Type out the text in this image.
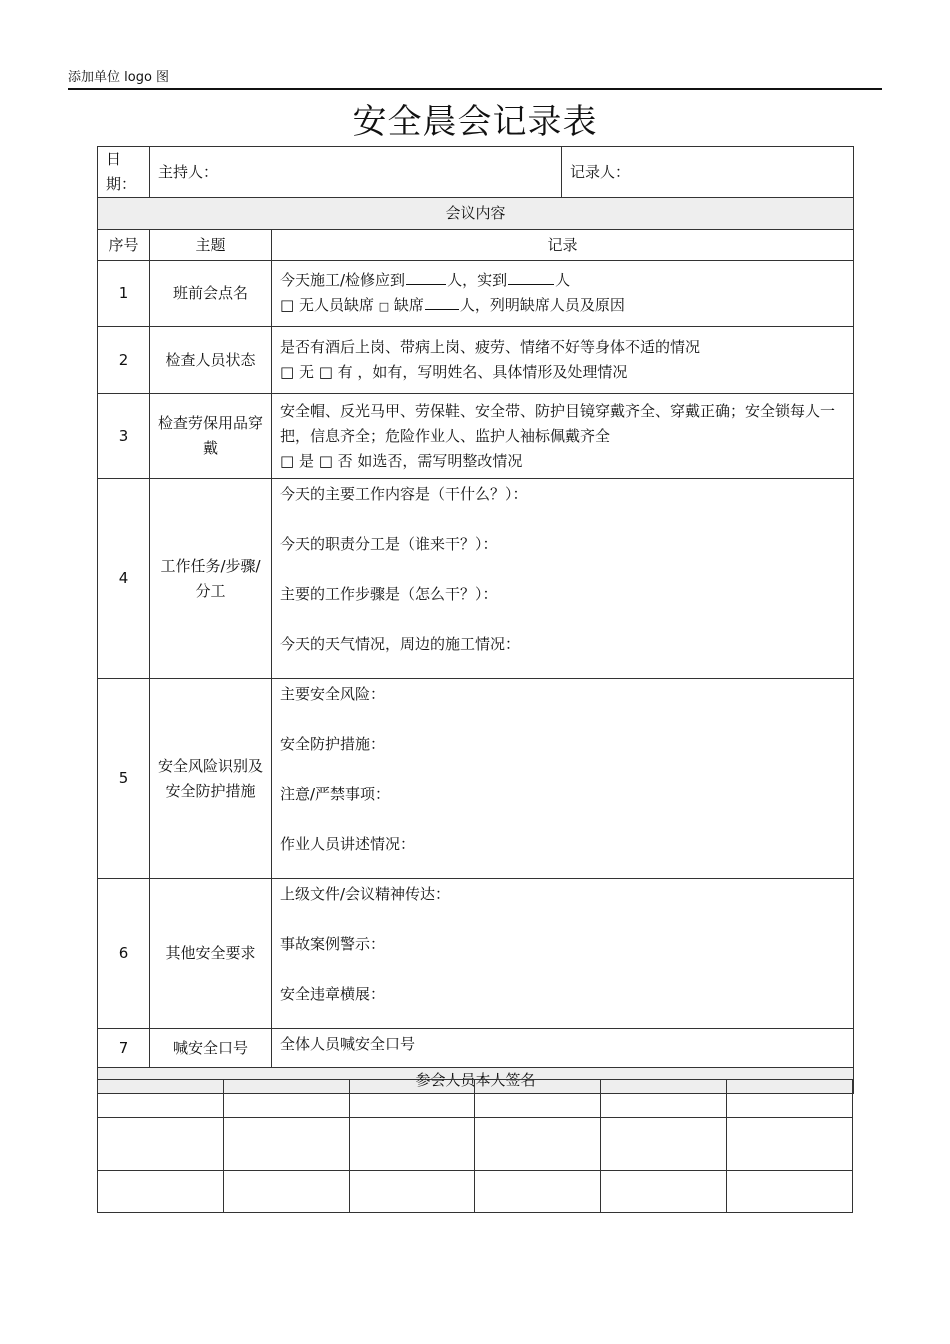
添加单位 logo 图
安全晨会记录表
日期：	主持人：		记录人：
会议内容			
序号	主题	记录	
1	班前会点名	今天施工/检修应到 人，实到 人
□ 无人员缺席 □ 缺席 人，列明缺席人员及原因	

2	检查人员状态	是否有酒后上岗、带病上岗、疲劳、情绪不好等身体不适的情况
□ 无 □ 有 ，如有，写明姓名、具体情形及处理情况	

3	检查劳保用品穿戴	安全帽、反光马甲、劳保鞋、安全带、防护目镜穿戴齐全、穿戴正确；安全锁每人一把，信息齐全；危险作业人、监护人袖标佩戴齐全
□ 是 □ 否 如选否，需写明整改情况	

4	工作任务/步骤/分工	今天的主要工作内容是（干什么？）：
今天的职责分工是（谁来干？）：
主要的工作步骤是（怎么干？）：
今天的天气情况，周边的施工情况：	

5	安全风险识别及安全防护措施	主要安全风险：
安全防护措施：
注意/严禁事项：
作业人员讲述情况：	

6	其他安全要求	上级文件/会议精神传达：
事故案例警示：
安全违章横展：	

7	喊安全口号	全体人员喊安全口号	

参会人员本人签名			
